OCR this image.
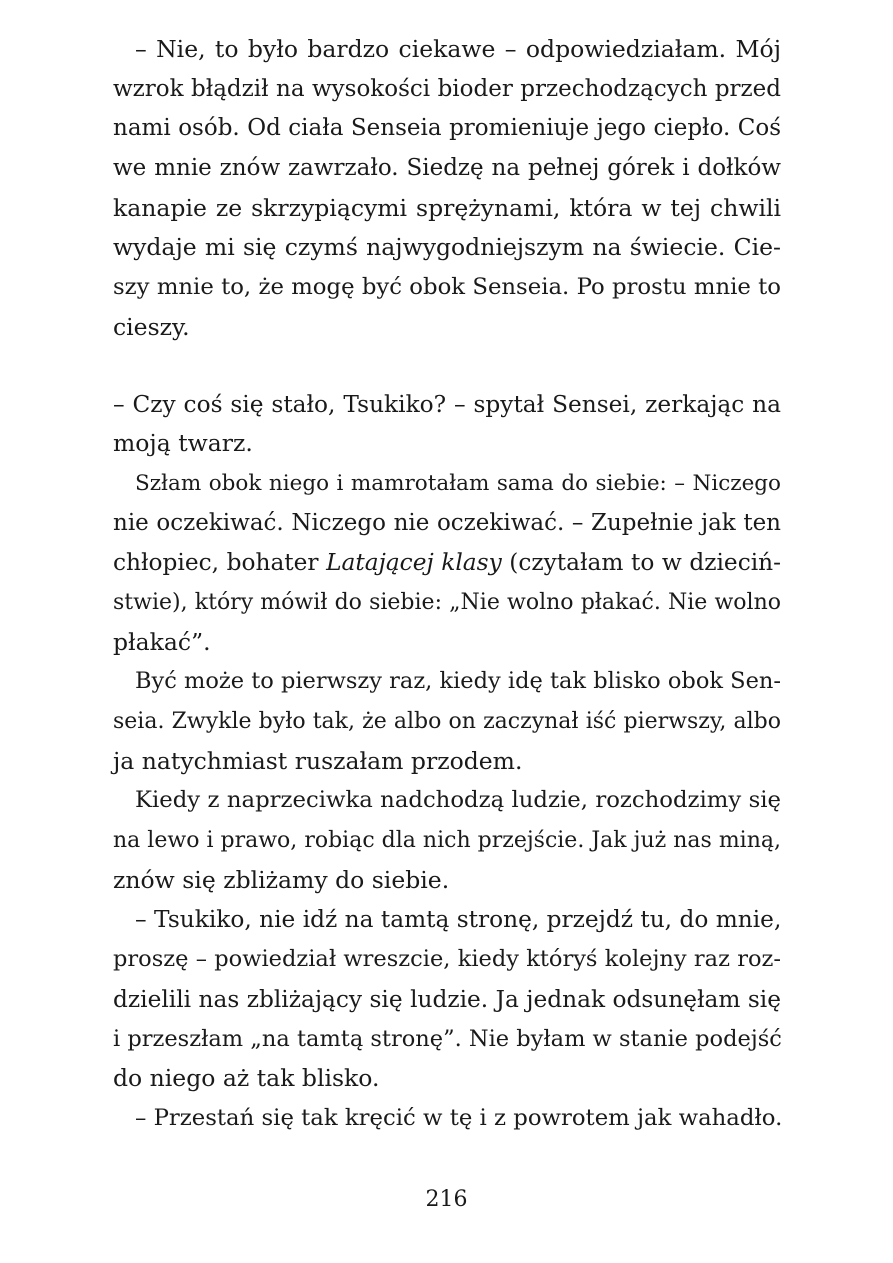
– Nie, to było bardzo ciekawe – odpowiedziałam. Mój
wzrok błądził na wysokości bioder przechodzących przed
nami osób. Od ciała Senseia promieniuje jego ciepło. Coś
we mnie znów zawrzało. Siedzę na pełnej górek i dołków
kanapie ze skrzypiącymi sprężynami, która w tej chwili
wydaje mi się czymś najwygodniejszym na świecie. Cie-
szy mnie to, że mogę być obok Senseia. Po prostu mnie to
cieszy.
– Czy coś się stało, Tsukiko? – spytał Sensei, zerkając na
moją twarz.
Szłam obok niego i mamrotałam sama do siebie: – Niczego
nie oczekiwać. Niczego nie oczekiwać. – Zupełnie jak ten
chłopiec, bohater Latającej klasy (czytałam to w dzieciń-
stwie), który mówił do siebie: „Nie wolno płakać. Nie wolno
płakać”.
Być może to pierwszy raz, kiedy idę tak blisko obok Sen-
seia. Zwykle było tak, że albo on zaczynał iść pierwszy, albo
ja natychmiast ruszałam przodem.
Kiedy z naprzeciwka nadchodzą ludzie, rozchodzimy się
na lewo i prawo, robiąc dla nich przejście. Jak już nas miną,
znów się zbliżamy do siebie.
– Tsukiko, nie idź na tamtą stronę, przejdź tu, do mnie,
proszę – powiedział wreszcie, kiedy któryś kolejny raz roz-
dzielili nas zbliżający się ludzie. Ja jednak odsunęłam się
i przeszłam „na tamtą stronę”. Nie byłam w stanie podejść
do niego aż tak blisko.
– Przestań się tak kręcić w tę i z powrotem jak wahadło.
216
